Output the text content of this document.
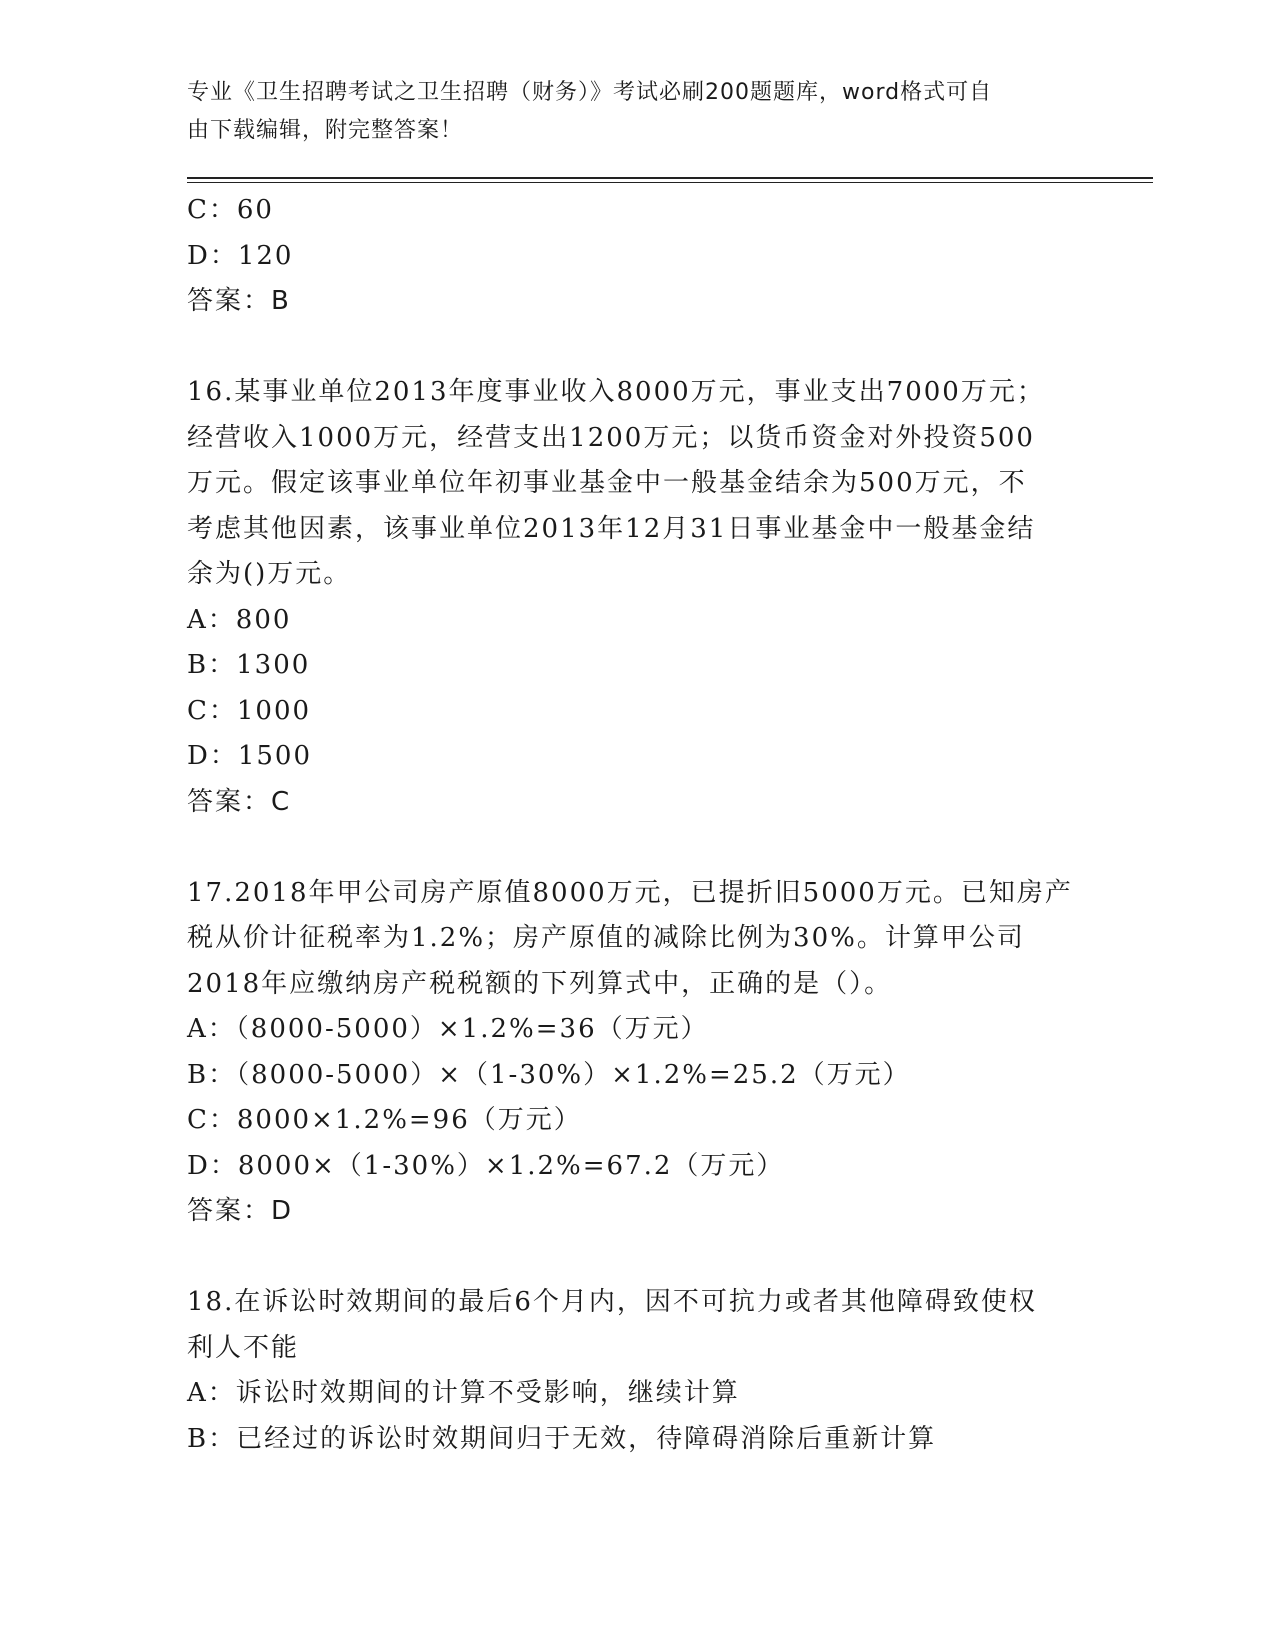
专业《卫生招聘考试之卫生招聘（财务）》考试必刷200题题库，word格式可自
由下载编辑，附完整答案！
C：60
D：120
答案：B
16.某事业单位2013年度事业收入8000万元，事业支出7000万元；
经营收入1000万元，经营支出1200万元；以货币资金对外投资500
万元。假定该事业单位年初事业基金中一般基金结余为500万元，不
考虑其他因素，该事业单位2013年12月31日事业基金中一般基金结
余为()万元。
A：800
B：1300
C：1000
D：1500
答案：C
17.2018年甲公司房产原值8000万元，已提折旧5000万元。已知房产
税从价计征税率为1.2%；房产原值的减除比例为30%。计算甲公司
2018年应缴纳房产税税额的下列算式中，正确的是（）。
A：（8000-5000）×1.2%=36（万元）
B：（8000-5000）×（1-30%）×1.2%=25.2（万元）
C：8000×1.2%=96（万元）
D：8000×（1-30%）×1.2%=67.2（万元）
答案：D
18.在诉讼时效期间的最后6个月内，因不可抗力或者其他障碍致使权
利人不能
A：诉讼时效期间的计算不受影响，继续计算
B：已经过的诉讼时效期间归于无效，待障碍消除后重新计算
